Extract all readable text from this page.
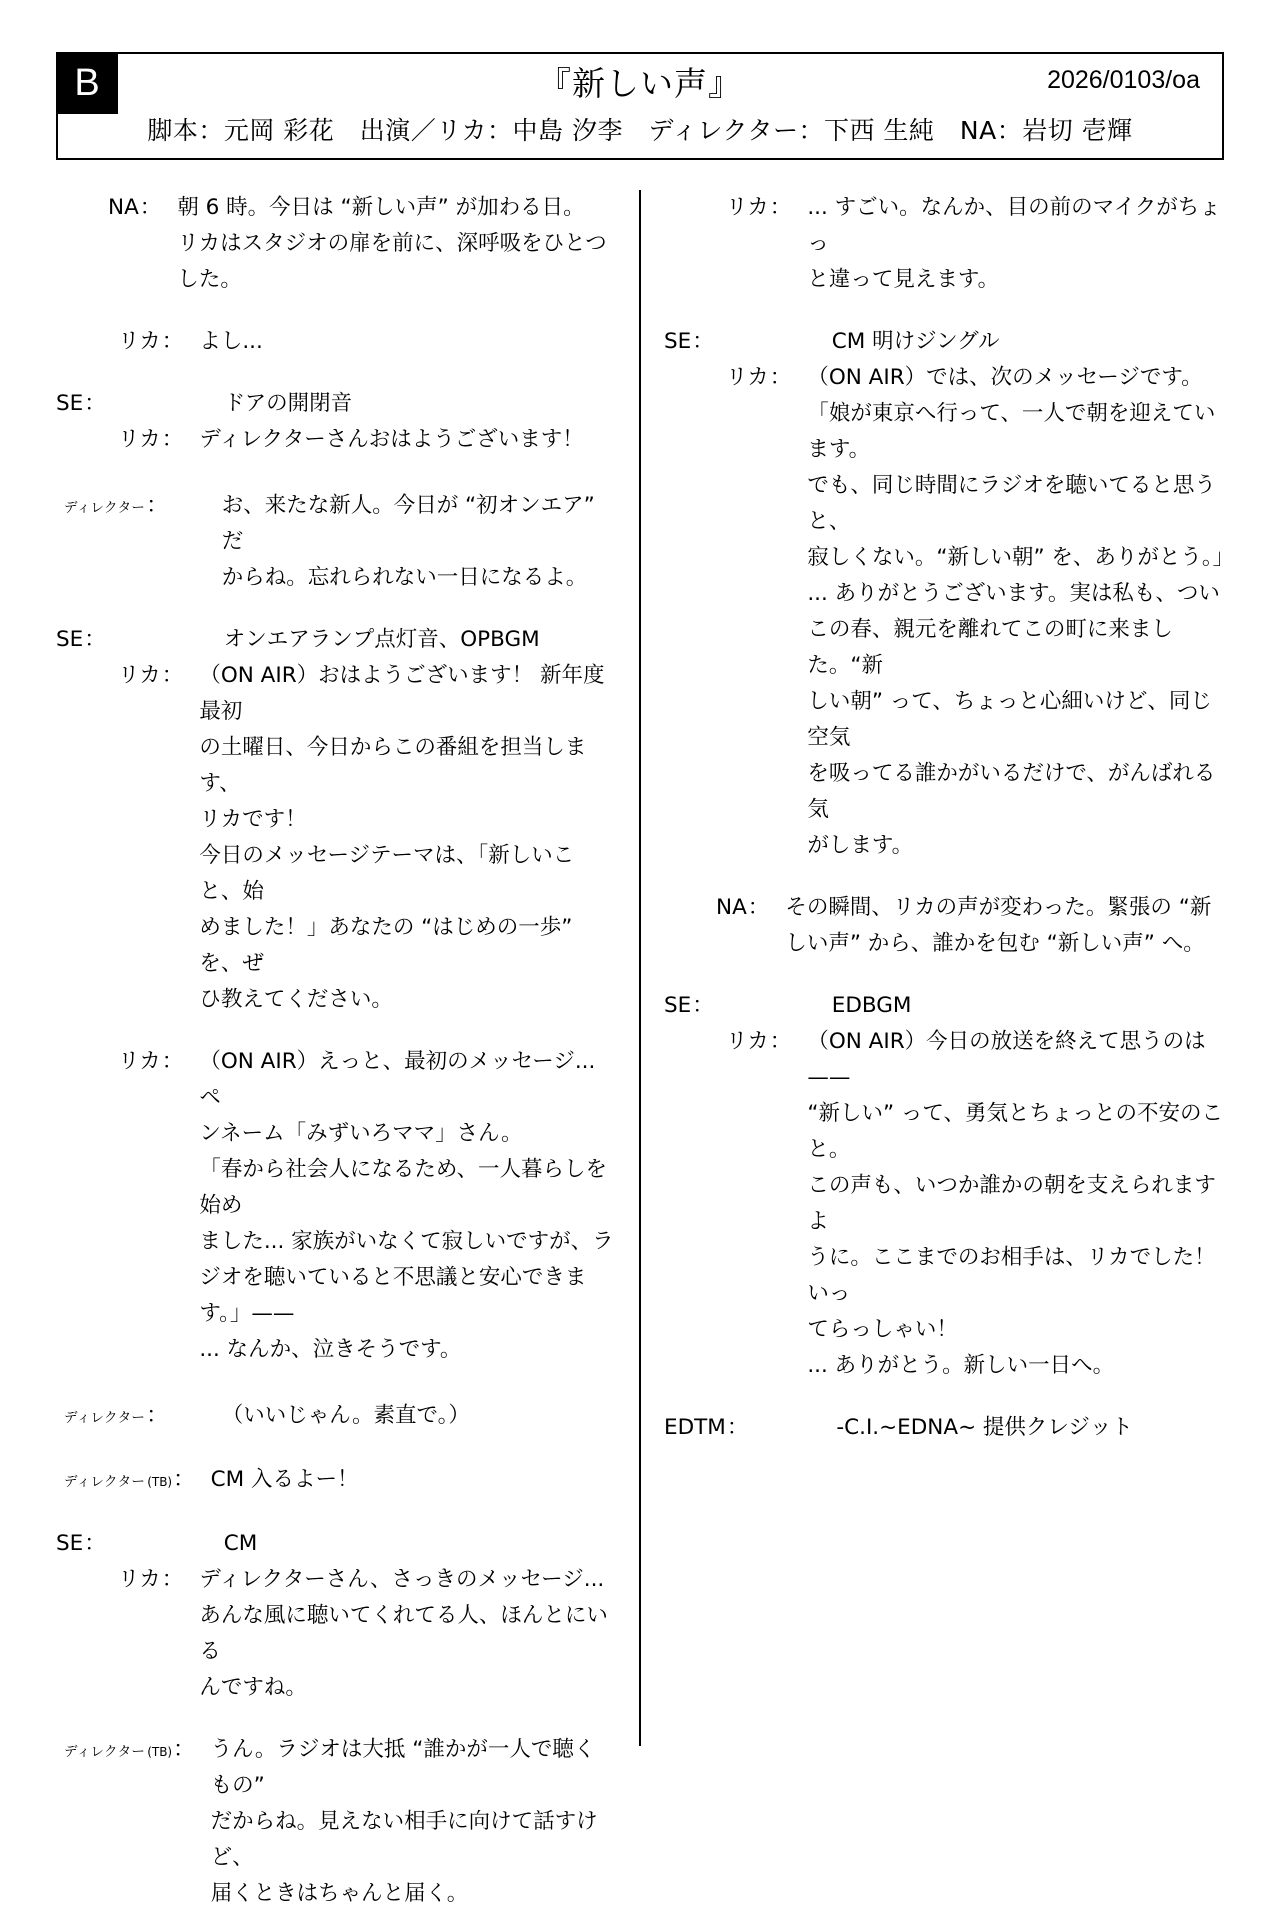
B	『新しい声』	2026/0103/oa
脚本：元岡 彩花　出演／リカ：中島 汐李　ディレクター：下西 生純　NA：岩切 壱輝
NA： 朝 6 時。今日は “新しい声” が加わる日。

リカはスタジオの扉を前に、深呼吸をひとつ

した。

リカ： よし...

SE：	ドアの開閉音

リカ： ディレクターさんおはようございます！

ディレクター ：	お、来たな新人。今日が “初オンエア” だ

からね。忘れられない一日になるよ。

SE：	オンエアランプ点灯音、OPBGM

リカ： （ON AIR）おはようございます！ 新年度最初

の土曜日、今日からこの番組を担当します、

リカです！

今日のメッセージテーマは、「新しいこと、始

めました！」あなたの “はじめの一歩” を、ぜ

ひ教えてください。

リカ： （ON AIR）えっと、最初のメッセージ... ペ

ンネーム「みずいろママ」さん。

「春から社会人になるため、一人暮らしを始め

ました... 家族がいなくて寂しいですが、ラ

ジオを聴いていると不思議と安心できま

す。」——

... なんか、泣きそうです。

ディレクター ：	（いいじゃん。素直で。）

ディレクター (TB) ： CM 入るよー！

SE：	CM

リカ： ディレクターさん、さっきのメッセージ...

あんな風に聴いてくれてる人、ほんとにいる

んですね。

ディレクター (TB) ： うん。ラジオは大抵 “誰かが一人で聴くもの”

だからね。見えない相手に向けて話すけど、

届くときはちゃんと届く。

リカ： ... すごい。なんか、目の前のマイクがちょっ

と違って見えます。

SE：	CM 明けジングル

リカ： （ON AIR）では、次のメッセージです。

「娘が東京へ行って、一人で朝を迎えています。

でも、同じ時間にラジオを聴いてると思うと、

寂しくない。“新しい朝” を、ありがとう。」

... ありがとうございます。実は私も、つい

この春、親元を離れてこの町に来ました。“新

しい朝” って、ちょっと心細いけど、同じ空気

を吸ってる誰かがいるだけで、がんばれる気

がします。

NA： その瞬間、リカの声が変わった。緊張の “新

しい声” から、誰かを包む “新しい声” へ。

SE：	EDBGM

リカ： （ON AIR）今日の放送を終えて思うのは——

“新しい” って、勇気とちょっとの不安のこと。

この声も、いつか誰かの朝を支えられますよ

うに。ここまでのお相手は、リカでした！ いっ

てらっしゃい！

... ありがとう。新しい一日へ。

EDTM：	-C.I.~EDNA~ 提供クレジット
